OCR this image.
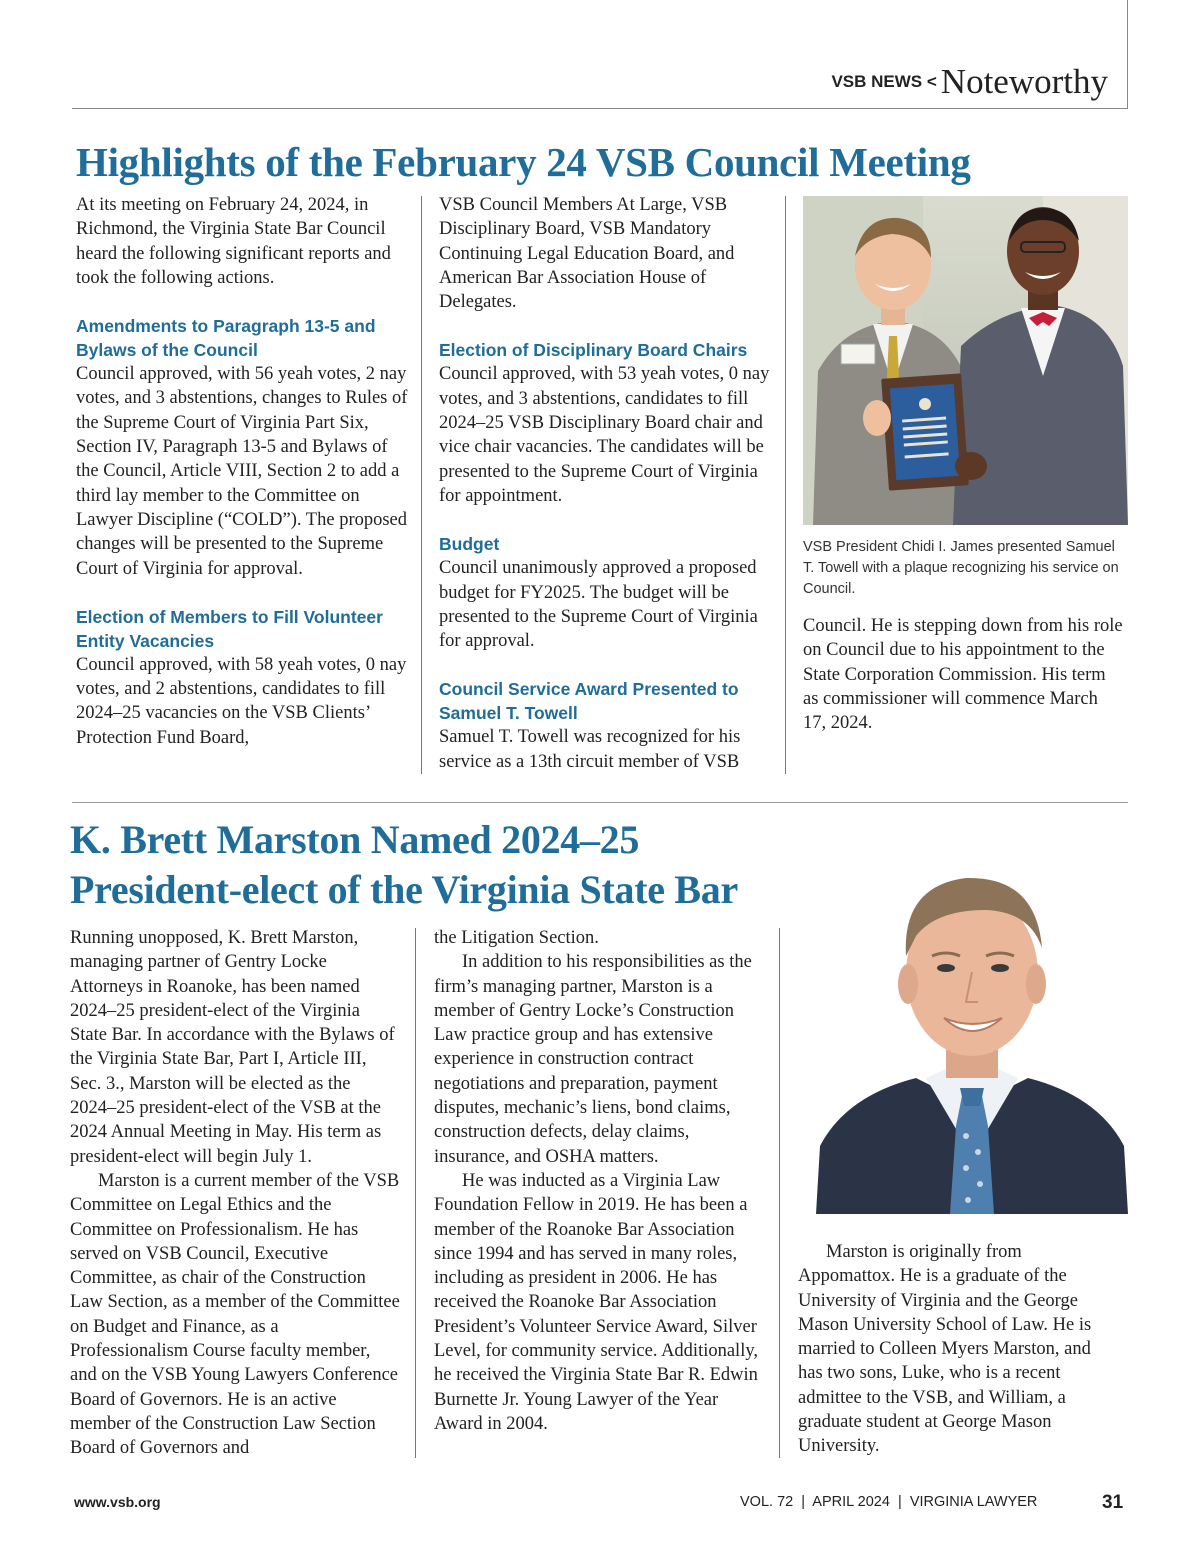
VSB NEWS < Noteworthy
Highlights of the February 24 VSB Council Meeting

At its meeting on February 24, 2024, in Richmond, the Virginia State Bar Council heard the following significant reports and took the following actions.

Amendments to Paragraph 13-5 and Bylaws of the Council

Council approved, with 56 yeah votes, 2 nay votes, and 3 abstentions, changes to Rules of the Supreme Court of Virginia Part Six, Section IV, Paragraph 13-5 and Bylaws of the Council, Article VIII, Section 2 to add a third lay member to the Committee on Lawyer Discipline (“COLD”). The proposed changes will be presented to the Supreme Court of Virginia for approval.

Election of Members to Fill Volunteer Entity Vacancies

Council approved, with 58 yeah votes, 0 nay votes, and 2 abstentions, candidates to fill 2024–25 vacancies on the VSB Clients’ Protection Fund Board,

VSB Council Members At Large, VSB Disciplinary Board, VSB Mandatory Continuing Legal Education Board, and American Bar Association House of Delegates.

Election of Disciplinary Board Chairs

Council approved, with 53 yeah votes, 0 nay votes, and 3 abstentions, candidates to fill 2024–25 VSB Disciplinary Board chair and vice chair vacancies. The candidates will be presented to the Supreme Court of Virginia for appointment.

Budget

Council unanimously approved a proposed budget for FY2025. The budget will be presented to the Supreme Court of Virginia for approval.

Council Service Award Presented to Samuel T. Towell

Samuel T. Towell was recognized for his service as a 13th circuit member of VSB

VSB President Chidi I. James presented Samuel T. Towell with a plaque recognizing his service on Council.

Council. He is stepping down from his role on Council due to his appointment to the State Corporation Commission. His term as commissioner will commence March 17, 2024.

K. Brett Marston Named 2024–25
President-elect of the Virginia State Bar

Running unopposed, K. Brett Marston, managing partner of Gentry Locke Attorneys in Roanoke, has been named 2024–25 president-elect of the Virginia State Bar. In accordance with the Bylaws of the Virginia State Bar, Part I, Article III, Sec. 3., Marston will be elected as the 2024–25 president-elect of the VSB at the 2024 Annual Meeting in May. His term as president-elect will begin July 1.

Marston is a current member of the VSB Committee on Legal Ethics and the Committee on Professionalism. He has served on VSB Council, Executive Committee, as chair of the Construction Law Section, as a member of the Committee on Budget and Finance, as a Professionalism Course faculty member, and on the VSB Young Lawyers Conference Board of Governors. He is an active member of the Construction Law Section Board of Governors and

the Litigation Section.

In addition to his responsibilities as the firm’s managing partner, Marston is a member of Gentry Locke’s Construction Law practice group and has extensive experience in construction contract negotiations and preparation, payment disputes, mechanic’s liens, bond claims, construction defects, delay claims, insurance, and OSHA matters.

He was inducted as a Virginia Law Foundation Fellow in 2019. He has been a member of the Roanoke Bar Association since 1994 and has served in many roles, including as president in 2006. He has received the Roanoke Bar Association President’s Volunteer Service Award, Silver Level, for community service. Additionally, he received the Virginia State Bar R. Edwin Burnette Jr. Young Lawyer of the Year Award in 2004.

Marston is originally from Appomattox. He is a graduate of the University of Virginia and the George Mason University School of Law. He is married to Colleen Myers Marston, and has two sons, Luke, who is a recent admittee to the VSB, and William, a graduate student at George Mason University.

www.vsb.org	VOL. 72  |  APRIL 2024  |  VIRGINIA LAWYER	31
